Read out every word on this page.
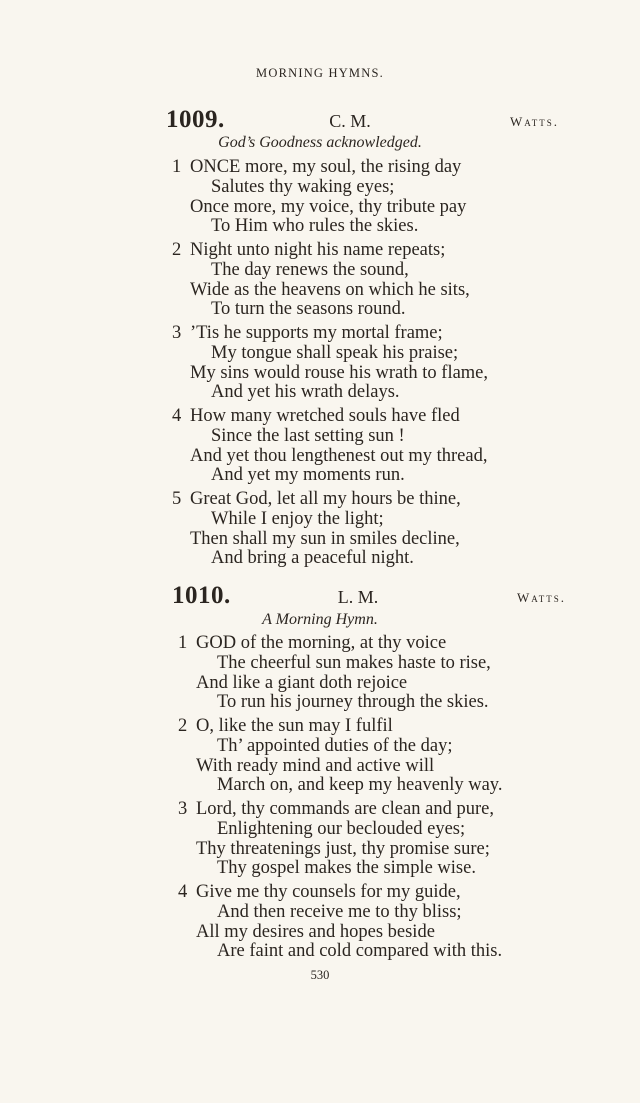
MORNING HYMNS.
1009.	C. M.	Watts.
God’s Goodness acknowledged.
1 ONCE more, my soul, the rising day
Salutes thy waking eyes;
Once more, my voice, thy tribute pay
To Him who rules the skies.
2 Night unto night his name repeats;
The day renews the sound,
Wide as the heavens on which he sits,
To turn the seasons round.
3 ’Tis he supports my mortal frame;
My tongue shall speak his praise;
My sins would rouse his wrath to flame,
And yet his wrath delays.
4 How many wretched souls have fled
Since the last setting sun !
And yet thou lengthenest out my thread,
And yet my moments run.
5 Great God, let all my hours be thine,
While I enjoy the light;
Then shall my sun in smiles decline,
And bring a peaceful night.
1010.	L. M.	Watts.
A Morning Hymn.
1 GOD of the morning, at thy voice
The cheerful sun makes haste to rise,
And like a giant doth rejoice
To run his journey through the skies.
2 O, like the sun may I fulfil
Th’ appointed duties of the day;
With ready mind and active will
March on, and keep my heavenly way.
3 Lord, thy commands are clean and pure,
Enlightening our beclouded eyes;
Thy threatenings just, thy promise sure;
Thy gospel makes the simple wise.
4 Give me thy counsels for my guide,
And then receive me to thy bliss;
All my desires and hopes beside
Are faint and cold compared with this.
530
